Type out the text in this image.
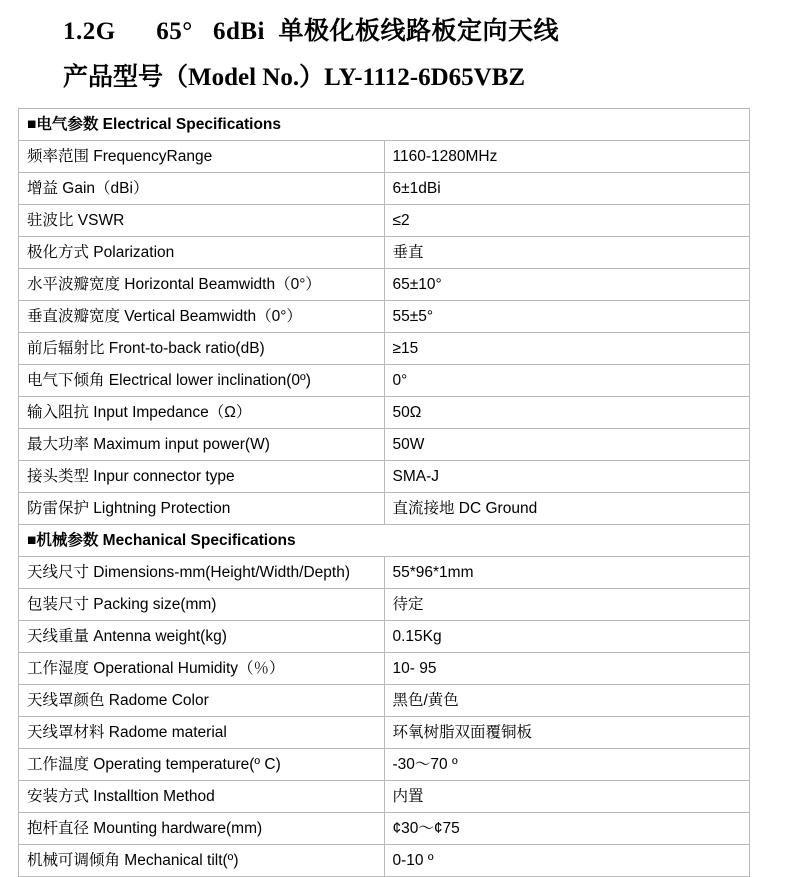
1.2G      65°   6dBi  单极化板线路板定向天线
产品型号（Model No.）LY-1112-6D65VBZ
■电气参数 Electrical Specifications	
频率范围 FrequencyRange	1160-1280MHz
增益 Gain（dBi）	6±1dBi
驻波比 VSWR	≤2
极化方式 Polarization	垂直
水平波瓣宽度 Horizontal Beamwidth（0°）	65±10°
垂直波瓣宽度 Vertical Beamwidth（0°）	55±5°
前后辐射比 Front-to-back ratio(dB)	≥15
电气下倾角 Electrical lower inclination(0º)	0°
输入阻抗 Input Impedance（Ω）	50Ω
最大功率 Maximum input power(W)	50W
接头类型 Inpur connector type	SMA-J
防雷保护 Lightning Protection	直流接地 DC Ground
■机械参数 Mechanical Specifications	
天线尺寸 Dimensions-mm(Height/Width/Depth)	55*96*1mm
包装尺寸 Packing size(mm)	待定
天线重量 Antenna weight(kg)	0.15Kg
工作湿度 Operational Humidity（％）	10- 95
天线罩颜色 Radome Color	黑色/黄色
天线罩材料 Radome material	环氧树脂双面覆铜板
工作温度 Operating temperature(º C)	-30～70 º
安装方式 Installtion Method	内置
抱杆直径 Mounting hardware(mm)	¢30～¢75
机械可调倾角 Mechanical tilt(º)	0-10 º
